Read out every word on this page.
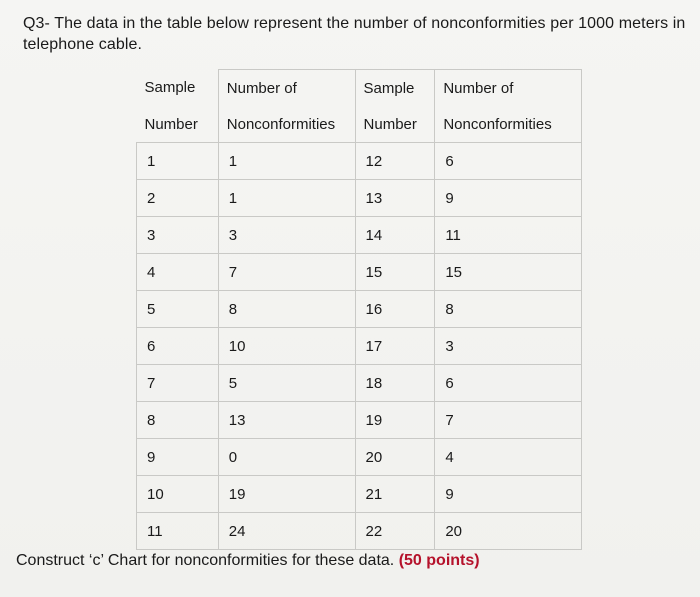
Q3- The data in the table below represent the number of nonconformities per 1000 meters in telephone cable.
Sample	Number of	Sample	Number of
Number	Nonconformities	Number	Nonconformities
1	1	12	6
2	1	13	9
3	3	14	11
4	7	15	15
5	8	16	8
6	10	17	3
7	5	18	6
8	13	19	7
9	0	20	4
10	19	21	9
11	24	22	20
Construct ‘c’ Chart for nonconformities for these data. (50 points)
